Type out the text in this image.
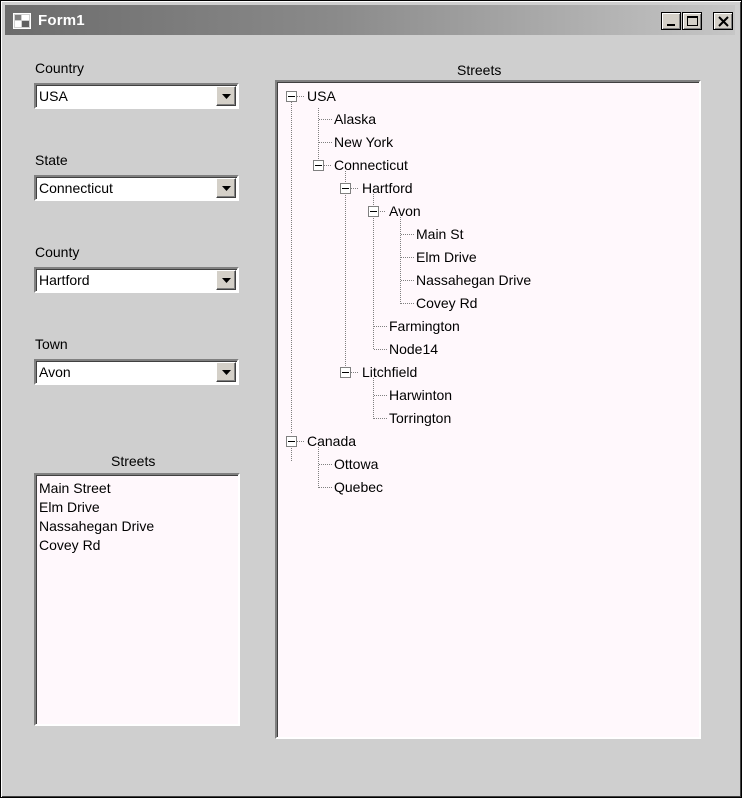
Form1
Country
USA
State
Connecticut
County
Hartford
Town
Avon
Streets
Main Street
Elm Drive
Nassahegan Drive
Covey Rd
Streets
USA
Alaska
New York
Connecticut
Hartford
Avon
Main St
Elm Drive
Nassahegan Drive
Covey Rd
Farmington
Node14
Litchfield
Harwinton
Torrington
Canada
Ottowa
Quebec
